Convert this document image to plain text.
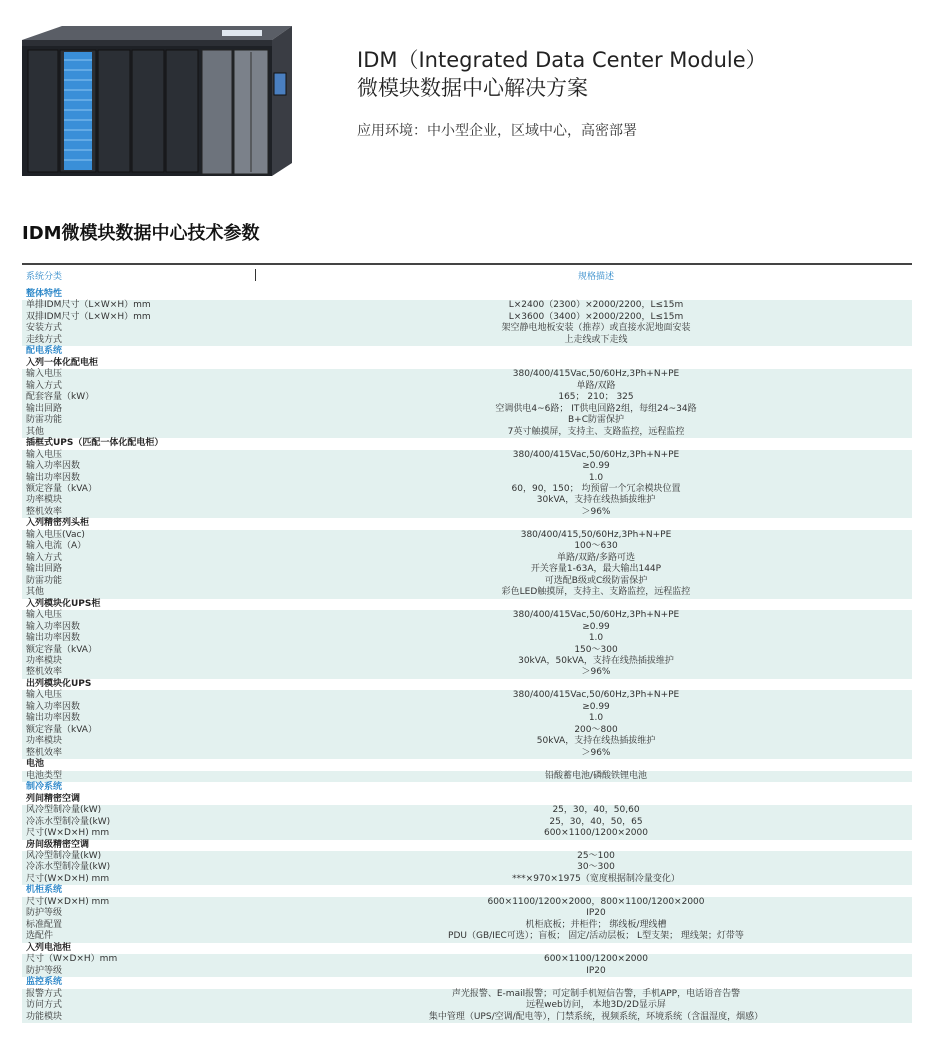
IDM（Integrated Data Center Module）
微模块数据中心解决方案
应用环境：中小型企业，区域中心，高密部署
IDM微模块数据中心技术参数
系统分类	规格描述
整体特性
单排IDM尺寸（L×W×H）mm	L×2400（2300）×2000/2200，L≤15m
双排IDM尺寸（L×W×H）mm	L×3600（3400）×2000/2200，L≤15m
安装方式	架空静电地板安装（推荐）或直接水泥地面安装
走线方式	上走线或下走线
配电系统
入列一体化配电柜
输入电压	380/400/415Vac,50/60Hz,3Ph+N+PE
输入方式	单路/双路
配套容量（kW）	165； 210； 325
输出回路	空调供电4~6路； IT供电回路2组，每组24~34路
防雷功能	B+C防雷保护
其他	7英寸触摸屏，支持主、支路监控，远程监控
插框式UPS（匹配一体化配电柜）
输入电压	380/400/415Vac,50/60Hz,3Ph+N+PE
输入功率因数	≥0.99
输出功率因数	1.0
额定容量（kVA）	60，90，150； 均预留一个冗余模块位置
功率模块	30kVA，支持在线热插拔维护
整机效率	＞96%
入列精密列头柜
输入电压(Vac)	380/400/415,50/60Hz,3Ph+N+PE
输入电流（A）	100～630
输入方式	单路/双路/多路可选
输出回路	开关容量1-63A，最大输出144P
防雷功能	可选配B级或C级防雷保护
其他	彩色LED触摸屏，支持主、支路监控，远程监控
入列模块化UPS柜
输入电压	380/400/415Vac,50/60Hz,3Ph+N+PE
输入功率因数	≥0.99
输出功率因数	1.0
额定容量（kVA）	150～300
功率模块	30kVA，50kVA，支持在线热插拔维护
整机效率	＞96%
出列模块化UPS
输入电压	380/400/415Vac,50/60Hz,3Ph+N+PE
输入功率因数	≥0.99
输出功率因数	1.0
额定容量（kVA）	200～800
功率模块	50kVA，支持在线热插拔维护
整机效率	＞96%
电池
电池类型	铅酸蓄电池/磷酸铁锂电池
制冷系统
列间精密空调
风冷型制冷量(kW)	25，30，40，50,60
冷冻水型制冷量(kW)	25，30，40，50，65
尺寸(W×D×H) mm	600×1100/1200×2000
房间级精密空调
风冷型制冷量(kW)	25～100
冷冻水型制冷量(kW)	30～300
尺寸(W×D×H) mm	***×970×1975（宽度根据制冷量变化）
机柜系统
尺寸(W×D×H) mm	600×1100/1200×2000，800×1100/1200×2000
防护等级	IP20
标准配置	机柜底板；并柜件； 绑线板/理线槽
选配件	PDU（GB/IEC可选）；盲板； 固定/活动层板； L型支架； 理线架；灯带等
入列电池柜
尺寸（W×D×H）mm	600×1100/1200×2000
防护等级	IP20
监控系统
报警方式	声光报警、E-mail报警；可定制手机短信告警，手机APP，电话语音告警
访问方式	远程web访问， 本地3D/2D显示屏
功能模块	集中管理（UPS/空调/配电等），门禁系统，视频系统，环境系统（含温湿度，烟感）
